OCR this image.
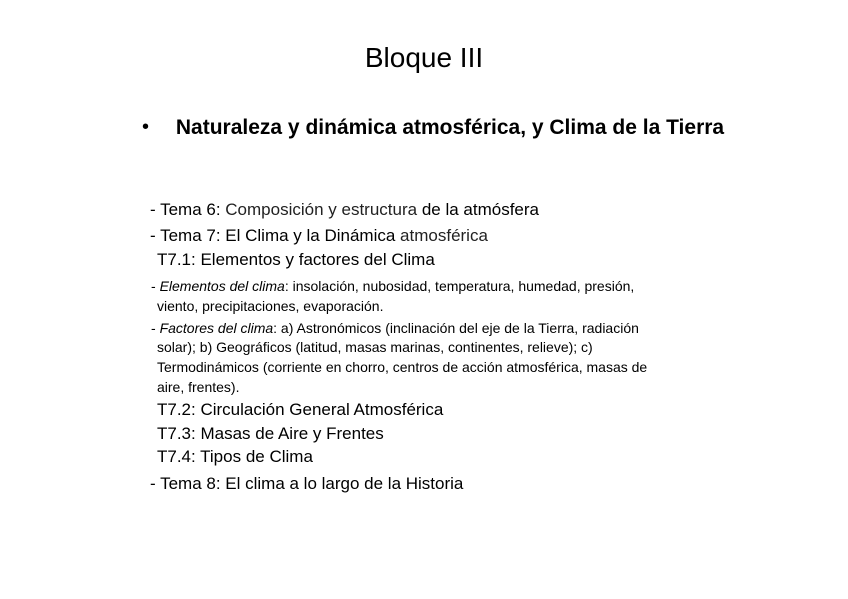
Bloque III
• Naturaleza y dinámica atmosférica, y Clima de la Tierra
- Tema 6: Composición y estructura de la atmósfera
- Tema 7: El Clima y la Dinámica atmosférica
T7.1: Elementos y factores del Clima
- Elementos del clima: insolación, nubosidad, temperatura, humedad, presión,
viento, precipitaciones, evaporación.
- Factores del clima: a) Astronómicos (inclinación del eje de la Tierra, radiación
solar); b) Geográficos (latitud, masas marinas, continentes, relieve); c)
Termodinámicos (corriente en chorro, centros de acción atmosférica, masas de
aire, frentes).
T7.2: Circulación General Atmosférica
T7.3: Masas de Aire y Frentes
T7.4: Tipos de Clima
- Tema 8: El clima a lo largo de la Historia
